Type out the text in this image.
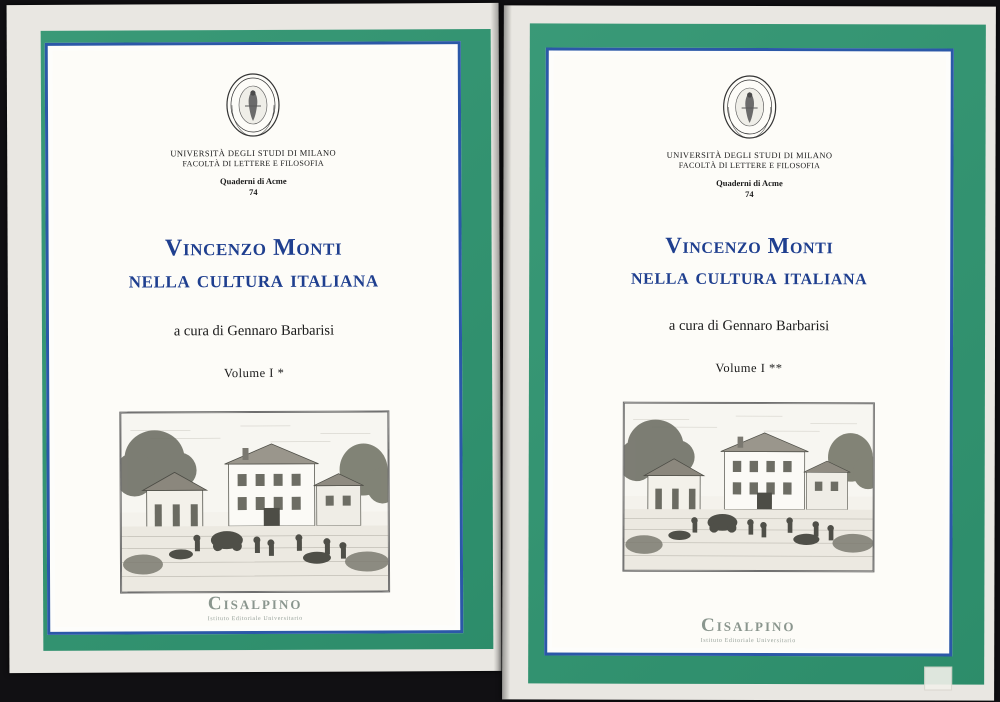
UNIVERSITÀ DEGLI STUDI DI MILANO
FACOLTÀ DI LETTERE E FILOSOFIA
Quaderni di Acme
74
Vincenzo Monti
nella cultura italiana
a cura di Gennaro Barbarisi
Volume I *
Cisalpino
Istituto Editoriale Universitario
UNIVERSITÀ DEGLI STUDI DI MILANO
FACOLTÀ DI LETTERE E FILOSOFIA
Quaderni di Acme
74
Vincenzo Monti
nella cultura italiana
a cura di Gennaro Barbarisi
Volume I **
Cisalpino
Istituto Editoriale Universitario
